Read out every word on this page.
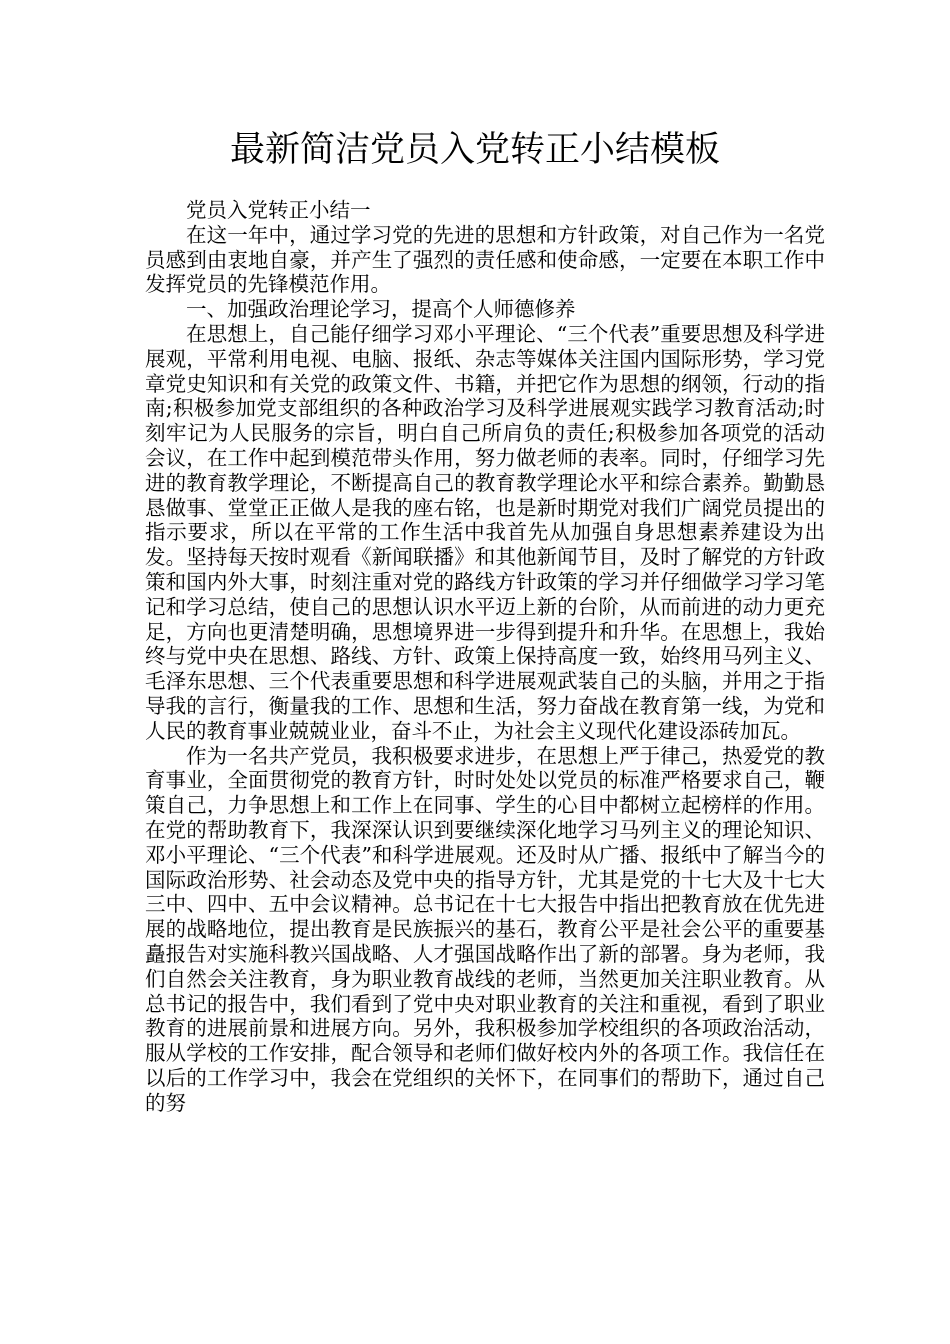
最新简洁党员入党转正小结模板

党员入党转正小结一

在这一年中，通过学习党的先进的思想和方针政策，对自己作为一名党员感到由衷地自豪，并产生了强烈的责任感和使命感，一定要在本职工作中发挥党员的先锋模范作用。

一、加强政治理论学习，提高个人师德修养

在思想上，自己能仔细学习邓小平理论、“三个代表”重要思想及科学进展观，平常利用电视、电脑、报纸、杂志等媒体关注国内国际形势，学习党章党史知识和有关党的政策文件、书籍，并把它作为思想的纲领，行动的指南;积极参加党支部组织的各种政治学习及科学进展观实践学习教育活动;时刻牢记为人民服务的宗旨，明白自己所肩负的责任;积极参加各项党的活动会议，在工作中起到模范带头作用，努力做老师的表率。同时，仔细学习先进的教育教学理论，不断提高自己的教育教学理论水平和综合素养。勤勤恳恳做事、堂堂正正做人是我的座右铭，也是新时期党对我们广阔党员提出的指示要求，所以在平常的工作生活中我首先从加强自身思想素养建设为出发。坚持每天按时观看《新闻联播》和其他新闻节目，及时了解党的方针政策和国内外大事，时刻注重对党的路线方针政策的学习并仔细做学习学习笔记和学习总结，使自己的思想认识水平迈上新的台阶，从而前进的动力更充足，方向也更清楚明确，思想境界进一步得到提升和升华。在思想上，我始终与党中央在思想、路线、方针、政策上保持高度一致，始终用马列主义、毛泽东思想、三个代表重要思想和科学进展观武装自己的头脑，并用之于指导我的言行，衡量我的工作、思想和生活，努力奋战在教育第一线，为党和人民的教育事业兢兢业业，奋斗不止，为社会主义现代化建设添砖加瓦。

作为一名共产党员，我积极要求进步，在思想上严于律己，热爱党的教育事业，全面贯彻党的教育方针，时时处处以党员的标准严格要求自己，鞭策自己，力争思想上和工作上在同事、学生的心目中都树立起榜样的作用。在党的帮助教育下，我深深认识到要继续深化地学习马列主义的理论知识、邓小平理论、“三个代表”和科学进展观。还及时从广播、报纸中了解当今的国际政治形势、社会动态及党中央的指导方针，尤其是党的十七大及十七大三中、四中、五中会议精神。总书记在十七大报告中指出把教育放在优先进展的战略地位，提出教育是民族振兴的基石，教育公平是社会公平的重要基矗报告对实施科教兴国战略、人才强国战略作出了新的部署。身为老师，我们自然会关注教育，身为职业教育战线的老师，当然更加关注职业教育。从总书记的报告中，我们看到了党中央对职业教育的关注和重视，看到了职业教育的进展前景和进展方向。另外，我积极参加学校组织的各项政治活动，服从学校的工作安排，配合领导和老师们做好校内外的各项工作。我信任在以后的工作学习中，我会在党组织的关怀下，在同事们的帮助下，通过自己的努
